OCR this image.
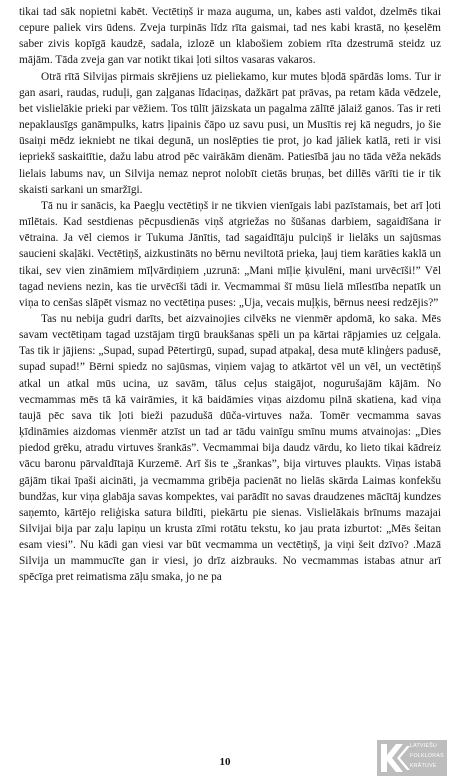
tikai tad sāk nopietni kabēt. Vectētiņš ir maza auguma, un, kabes asti valdot, dzelmēs tikai cepure paliek virs ūdens. Zveja turpinās līdz rīta gaismai, tad nes kabi krastā, no ķeselēm saber zivis kopīgā kaudzē, sadala, izlozē un klabošiem zobiem rīta dzestrumā steidz uz mājām. Tāda zveja gan var notikt tikai ļoti siltos vasaras vakaros.

Otrā rītā Silvijas pirmais skrējiens uz pieliekamo, kur mutes bļodā spārdās loms. Tur ir gan asari, raudas, ruduļi, gan zaļganas līdaciņas, dažkārt pat prāvas, pa retam kāda vēdzele, bet vislielākie prieki par vēžiem. Tos tūlīt jāizskata un pagalma zālītē jālaiž ganos. Tas ir reti nepaklausīgs ganāmpulks, katrs ļipainis čāpo uz savu pusi, un Musītis rej kā negudrs, jo šie ūsaiņi mēdz iekniebt ne tikai degunā, un noslēpties tie prot, jo kad jāliek katlā, reti ir visi iepriekš saskaitītie, dažu labu atrod pēc vairākām dienām. Patiesībā jau no tāda vēža nekāds lielais labums nav, un Silvija nemaz neprot nolobīt cietās bruņas, bet dillēs vārīti tie ir tik skaisti sarkani un smaržīgi.

Tā nu ir sanācis, ka Paegļu vectētiņš ir ne tikvien vienīgais labi pazīstamais, bet arī ļoti mīlētais. Kad sestdienas pēcpusdienās viņš atgriežas no šūšanas darbiem, sagaidīšana ir vētraina. Ja vēl ciemos ir Tukuma Jānītis, tad sagaidītāju pulciņš ir lielāks un sajūsmas saucieni skaļāki. Vectētiņš, aizkustināts no bērnu neviltotā prieka, ļauj tiem karāties kaklā un tikai, sev vien zināmiem mīļvārdiņiem ,uzrunā: „Mani mīļie ķivulēni, mani urvēcīši!” Vēl tagad neviens nezin, kas tie urvēcīši tādi ir. Vecmammai šī mūsu lielā mīlestība nepatīk un viņa to cenšas slāpēt vismaz no vectētiņa puses: „Uja, vecais muļķis, bērnus neesi redzējis?”

Tas nu nebija gudri darīts, bet aizvainojies cilvēks ne vienmēr apdomā, ko saka. Mēs savam vectētiņam tagad uzstājam tirgū braukšanas spēli un pa kārtai rāpjamies uz ceļgala. Tas tik ir jājiens: „Supad, supad Pētertirgū, supad, supad atpakaļ, desa mutē klinģers padusē, supad supad!” Bērni spiedz no sajūsmas, viņiem vajag to atkārtot vēl un vēl, un vectētiņš atkal un atkal mūs ucina, uz savām, tālus ceļus staigājot, nogurušajām kājām. No vecmammas mēs tā kā vairāmies, it kā baidāmies viņas aizdomu pilnā skatiena, kad viņa taujā pēc sava tik ļoti bieži pazudušā dūča-virtuves naža. Tomēr vecmamma savas ķīdināmies aizdomas vienmēr atzīst un tad ar tādu vainīgu smīnu mums atvainojas: „Dies piedod grēku, atradu virtuves šrankās”. Vecmammai bija daudz vārdu, ko lieto tikai kādreiz vācu baronu pārvaldītajā Kurzemē. Arī šis te „šrankas”, bija virtuves plaukts. Viņas istabā gājām tikai īpaši aicināti, ja vecmamma gribēja pacienāt no lielās skārda Laimas konfekšu bundžas, kur viņa glabāja savas kompektes, vai parādīt no savas draudzenes mācītāj kundzes saņemto, kārtējo reliģiska satura bildīti, piekārtu pie sienas. Vislielākais brīnums mazajai Silvijai bija par zaļu lapiņu un krusta zīmi rotātu tekstu, ko jau prata izburtot: „Mēs šeitan esam viesi”. Nu kādi gan viesi var būt vecmamma un vectētiņš, ja viņi šeit dzīvo? .Mazā Silvija un mammucīte gan ir viesi, jo drīz aizbrauks. No vecmammas istabas atnur arī spēcīga pret reimatisma zāļu smaka, jo ne pa

10
LATVIEŠU
FOLKLORAS
KRĀTUVE
